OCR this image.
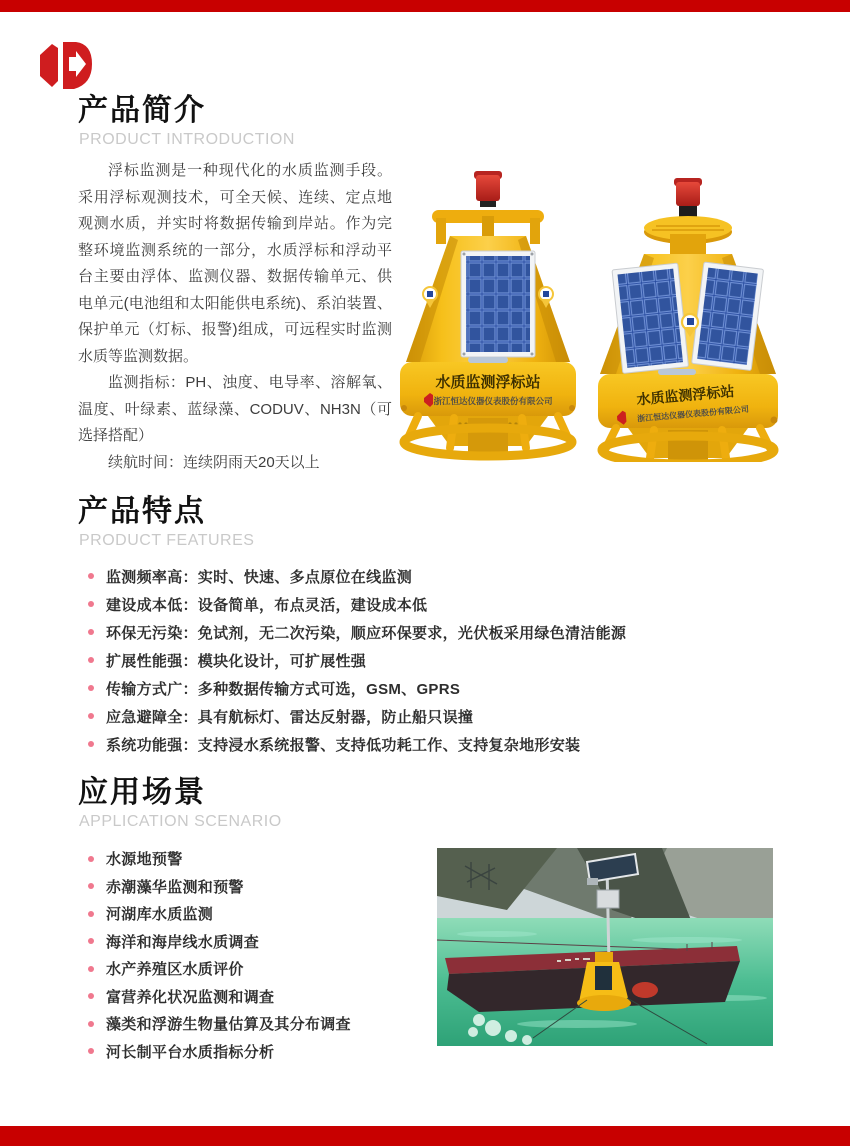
产品简介
PRODUCT INTRODUCTION

浮标监测是一种现代化的水质监测手段。采用浮标观测技术，可全天候、连续、定点地观测水质，并实时将数据传输到岸站。作为完整环境监测系统的一部分，水质浮标和浮动平台主要由浮体、监测仪器、数据传输单元、供电单元(电池组和太阳能供电系统)、系泊装置、保护单元（灯标、报警)组成，可远程实时监测水质等监测数据。

监测指标：PH、浊度、电导率、溶解氧、温度、叶绿素、蓝绿藻、CODUV、NH3N（可选择搭配）

续航时间：连续阴雨天20天以上

水质监测浮标站
浙江恒达仪器仪表股份有限公司	水质监测浮标站
浙江恒达仪器仪表股份有限公司
产品特点
PRODUCT FEATURES
监测频率高：实时、快速、多点原位在线监测
建设成本低：设备简单，布点灵活，建设成本低
环保无污染：免试剂，无二次污染，顺应环保要求，光伏板采用绿色清洁能源
扩展性能强：模块化设计，可扩展性强
传输方式广：多种数据传输方式可选，GSM、GPRS
应急避障全：具有航标灯、雷达反射器，防止船只误撞
系统功能强：支持浸水系统报警、支持低功耗工作、支持复杂地形安装
应用场景
APPLICATION SCENARIO
水源地预警
赤潮藻华监测和预警
河湖库水质监测
海洋和海岸线水质调查
水产养殖区水质评价
富营养化状况监测和调查
藻类和浮游生物量估算及其分布调查
河长制平台水质指标分析
